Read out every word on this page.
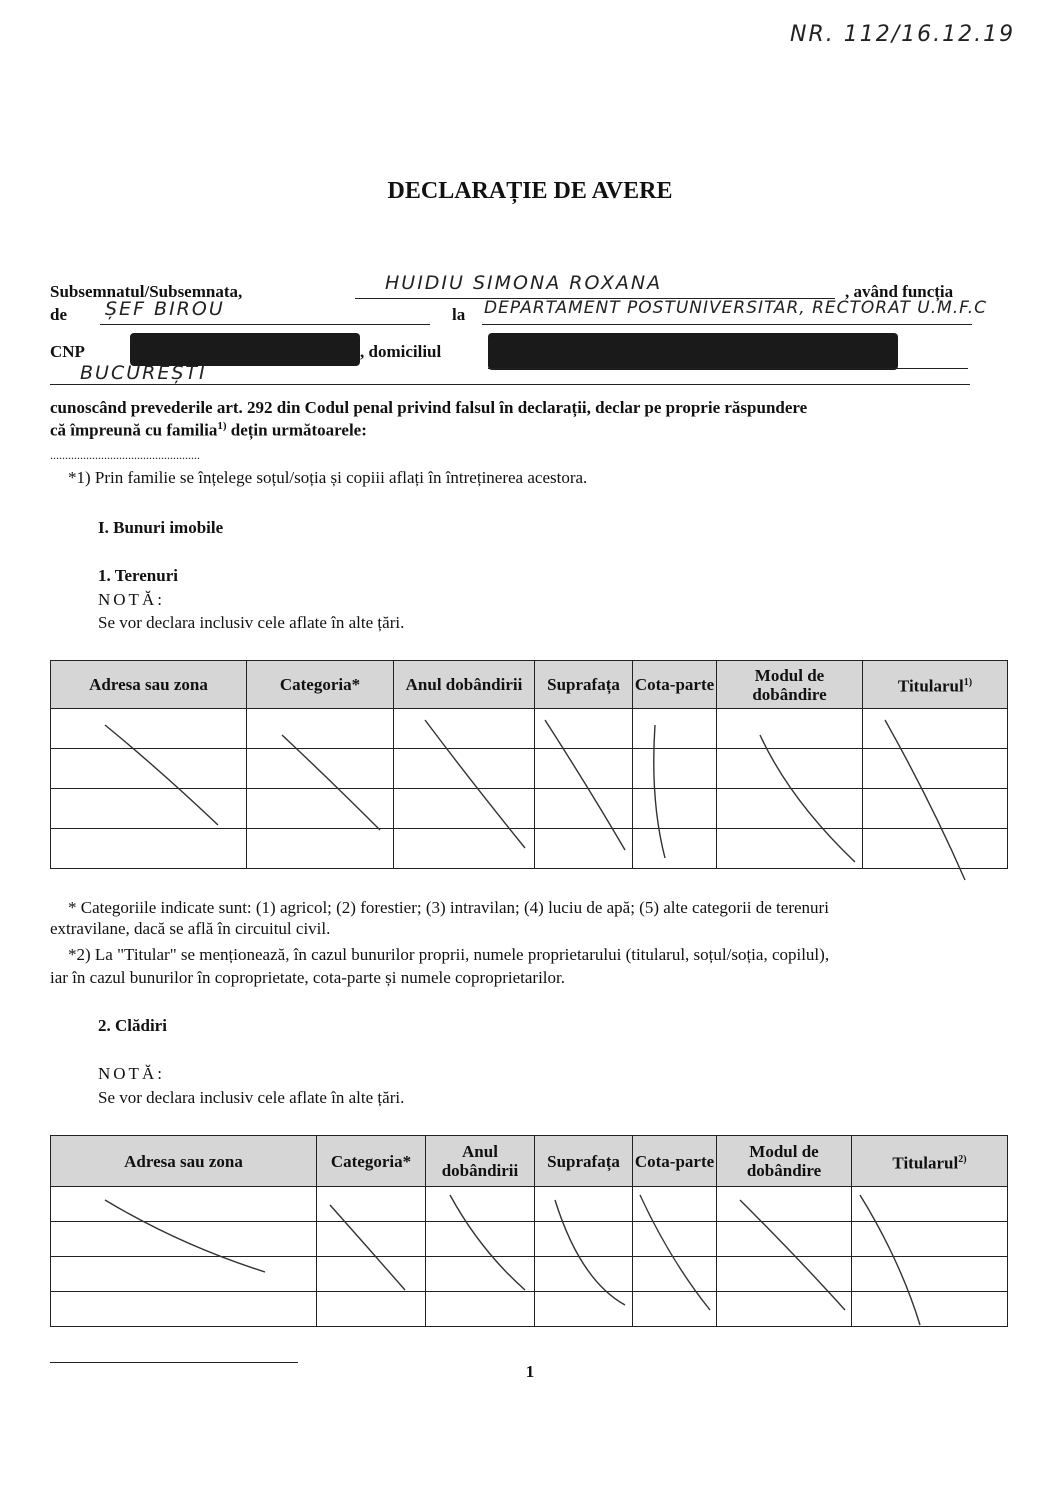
NR. 112/16.12.19
DECLARAȚIE DE AVERE
Subsemnatul/Subsemnata,	HUIDIU SIMONA ROXANA	, având funcția
de ȘEF BIROU	la DEPARTAMENT POSTUNIVERSITAR, RECTORAT U.M.F.C
CNP	, domiciliul
BUCUREȘTI
cunoscând prevederile art. 292 din Codul penal privind falsul în declarații, declar pe proprie răspundere
că împreună cu familia$^{1)}$ dețin următoarele:
..................................................
*1) Prin familie se înțelege soțul/soția și copiii aflați în întreținerea acestora.
I. Bunuri imobile
1. Terenuri
NOTĂ:
Se vor declara inclusiv cele aflate în alte țări.
Adresa sau zona	Categoria*	Anul dobândirii	Suprafața	Cota-parte	Modul de dobândire	Titularul$^{1)}$

* Categoriile indicate sunt: (1) agricol; (2) forestier; (3) intravilan; (4) luciu de apă; (5) alte categorii de terenuri
extravilane, dacă se află în circuitul civil.
*2) La "Titular" se menționează, în cazul bunurilor proprii, numele proprietarului (titularul, soțul/soția, copilul),
iar în cazul bunurilor în coproprietate, cota-parte și numele coproprietarilor.
2. Clădiri
NOTĂ:
Se vor declara inclusiv cele aflate în alte țări.
Adresa sau zona	Categoria*	Anul dobândirii	Suprafața	Cota-parte	Modul de dobândire	Titularul$^{2)}$

1
